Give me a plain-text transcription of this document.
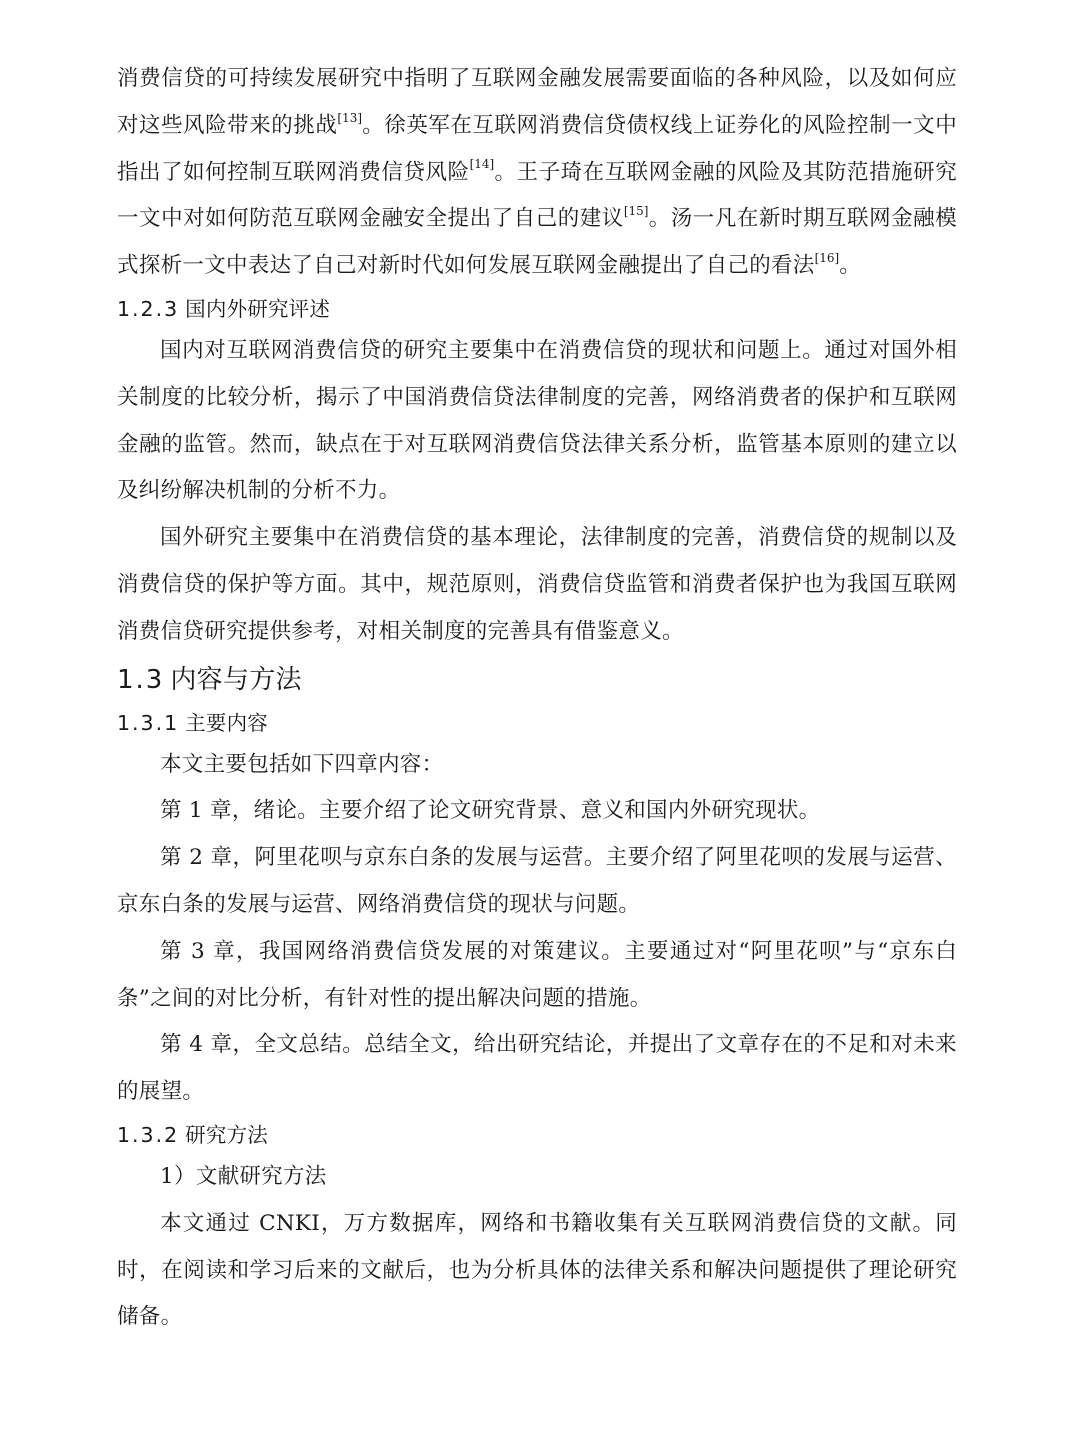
消费信贷的可持续发展研究中指明了互联网金融发展需要面临的各种风险，以及如何应对这些风险带来的挑战[13]。徐英军在互联网消费信贷债权线上证券化的风险控制一文中指出了如何控制互联网消费信贷风险[14]。王子琦在互联网金融的风险及其防范措施研究一文中对如何防范互联网金融安全提出了自己的建议[15]。汤一凡在新时期互联网金融模式探析一文中表达了自己对新时代如何发展互联网金融提出了自己的看法[16]。

1.2.3 国内外研究评述

国内对互联网消费信贷的研究主要集中在消费信贷的现状和问题上。通过对国外相关制度的比较分析，揭示了中国消费信贷法律制度的完善，网络消费者的保护和互联网金融的监管。然而，缺点在于对互联网消费信贷法律关系分析，监管基本原则的建立以及纠纷解决机制的分析不力。

国外研究主要集中在消费信贷的基本理论，法律制度的完善，消费信贷的规制以及消费信贷的保护等方面。其中，规范原则，消费信贷监管和消费者保护也为我国互联网消费信贷研究提供参考，对相关制度的完善具有借鉴意义。

1.3 内容与方法
1.3.1 主要内容

本文主要包括如下四章内容：

第 1 章，绪论。主要介绍了论文研究背景、意义和国内外研究现状。

第 2 章，阿里花呗与京东白条的发展与运营。主要介绍了阿里花呗的发展与运营、京东白条的发展与运营、网络消费信贷的现状与问题。

第 3 章，我国网络消费信贷发展的对策建议。主要通过对“阿里花呗”与“京东白条”之间的对比分析，有针对性的提出解决问题的措施。

第 4 章，全文总结。总结全文，给出研究结论，并提出了文章存在的不足和对未来的展望。

1.3.2 研究方法

1）文献研究方法

本文通过 CNKI，万方数据库，网络和书籍收集有关互联网消费信贷的文献。同时，在阅读和学习后来的文献后，也为分析具体的法律关系和解决问题提供了理论研究储备。
